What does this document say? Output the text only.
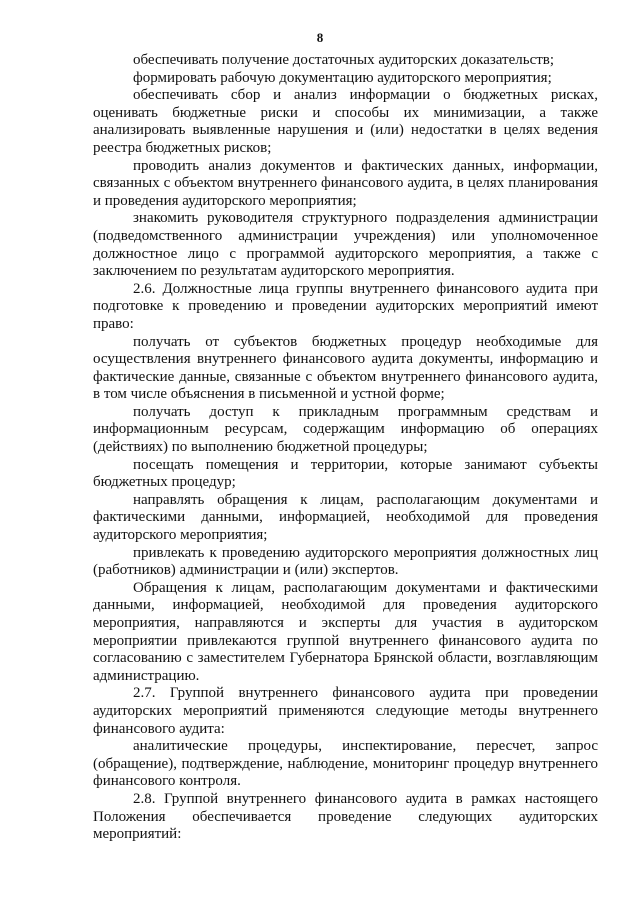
8

обеспечивать получение достаточных аудиторских доказательств;

формировать рабочую документацию аудиторского мероприятия;

обеспечивать сбор и анализ информации о бюджетных рисках, оценивать бюджетные риски и способы их минимизации, а также анализировать выявленные нарушения и (или) недостатки в целях ведения реестра бюджетных рисков;

проводить анализ документов и фактических данных, информации, связанных с объектом внутреннего финансового аудита, в целях планирования и проведения аудиторского мероприятия;

знакомить руководителя структурного подразделения администрации (подведомственного администрации учреждения) или уполномоченное должностное лицо с программой аудиторского мероприятия, а также с заключением по результатам аудиторского мероприятия.

2.6. Должностные лица группы внутреннего финансового аудита при подготовке к проведению и проведении аудиторских мероприятий имеют право:

получать от субъектов бюджетных процедур необходимые для осуществления внутреннего финансового аудита документы, информацию и фактические данные, связанные с объектом внутреннего финансового аудита, в том числе объяснения в письменной и устной форме;

получать доступ к прикладным программным средствам и информационным ресурсам, содержащим информацию об операциях (действиях) по выполнению бюджетной процедуры;

посещать помещения и территории, которые занимают субъекты бюджетных процедур;

направлять обращения к лицам, располагающим документами и фактическими данными, информацией, необходимой для проведения аудиторского мероприятия;

привлекать к проведению аудиторского мероприятия должностных лиц (работников) администрации и (или) экспертов.

Обращения к лицам, располагающим документами и фактическими данными, информацией, необходимой для проведения аудиторского мероприятия, направляются и эксперты для участия в аудиторском мероприятии привлекаются группой внутреннего финансового аудита по согласованию с заместителем Губернатора Брянской области, возглавляющим администрацию.

2.7. Группой внутреннего финансового аудита при проведении аудиторских мероприятий применяются следующие методы внутреннего финансового аудита:

аналитические процедуры, инспектирование, пересчет, запрос (обращение), подтверждение, наблюдение, мониторинг процедур внутреннего финансового контроля.

2.8. Группой внутреннего финансового аудита в рамках настоящего Положения обеспечивается проведение следующих аудиторских мероприятий:
